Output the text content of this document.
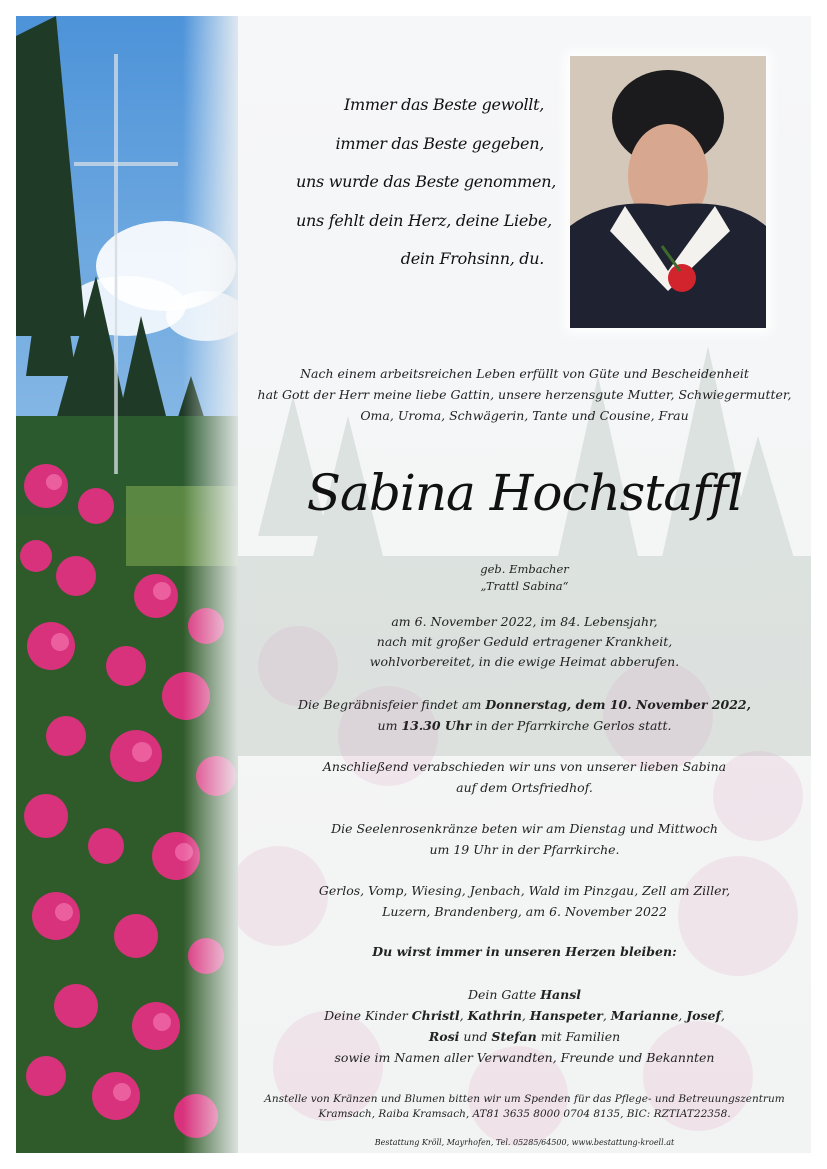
Immer das Beste gewollt,
immer das Beste gegeben,
uns wurde das Beste genommen,
uns fehlt dein Herz, deine Liebe,
dein Frohsinn, du.
Nach einem arbeitsreichen Leben erfüllt von Güte und Bescheidenheit
hat Gott der Herr meine liebe Gattin, unsere herzensgute Mutter, Schwiegermutter,
Oma, Uroma, Schwägerin, Tante und Cousine, Frau
Sabina Hochstaffl
geb. Embacher
„Trattl Sabina“
am 6. November 2022, im 84. Lebensjahr,
nach mit großer Geduld ertragener Krankheit,
wohlvorbereitet, in die ewige Heimat abberufen.
Die Begräbnisfeier findet am Donnerstag, dem 10. November 2022,
um 13.30 Uhr in der Pfarrkirche Gerlos statt.
Anschließend verabschieden wir uns von unserer lieben Sabina
auf dem Ortsfriedhof.
Die Seelenrosenkränze beten wir am Dienstag und Mittwoch
um 19 Uhr in der Pfarrkirche.
Gerlos, Vomp, Wiesing, Jenbach, Wald im Pinzgau, Zell am Ziller,
Luzern, Brandenberg, am 6. November 2022
Du wirst immer in unseren Herzen bleiben:
Dein Gatte Hansl
Deine Kinder Christl, Kathrin, Hanspeter, Marianne, Josef,
Rosi und Stefan mit Familien
sowie im Namen aller Verwandten, Freunde und Bekannten
Anstelle von Kränzen und Blumen bitten wir um Spenden für das Pflege- und Betreuungszentrum
Kramsach, Raiba Kramsach, AT81 3635 8000 0704 8135, BIC: RZTIAT22358.
Bestattung Kröll, Mayrhofen, Tel. 05285/64500, www.bestattung-kroell.at
